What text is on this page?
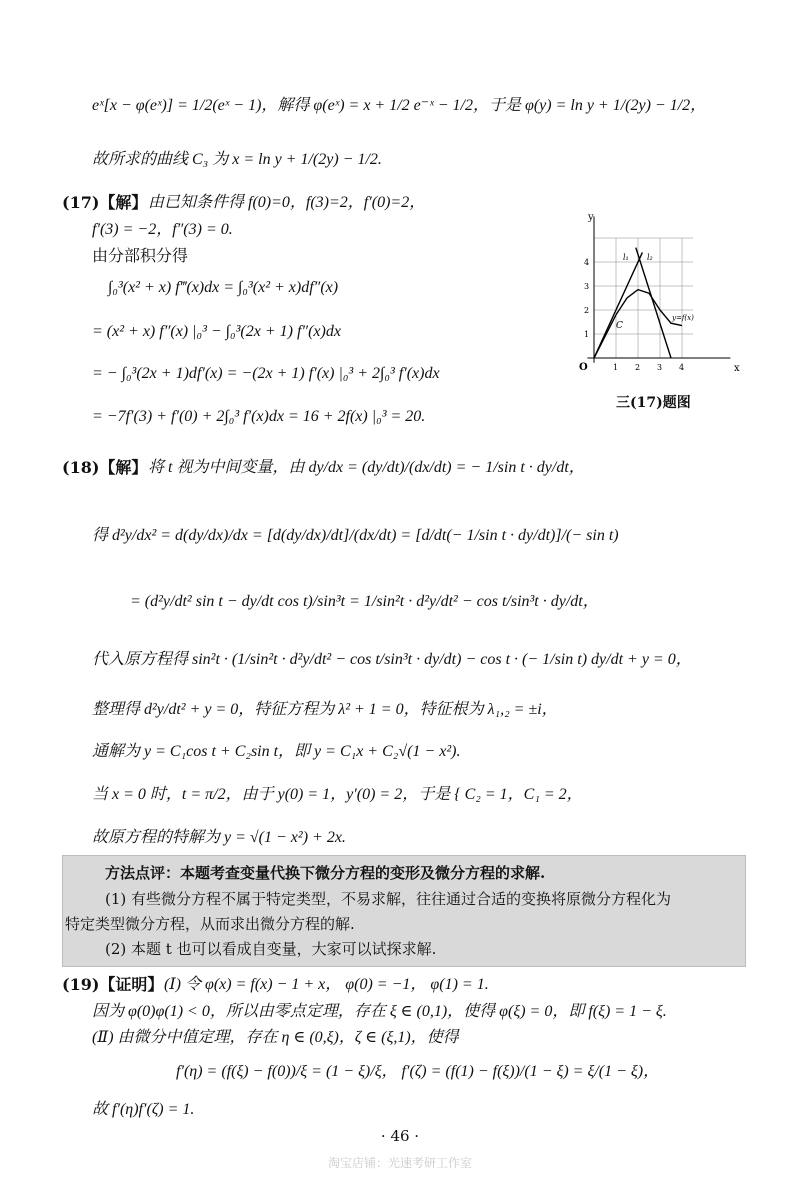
eˣ[x − φ(eˣ)] = 1/2(eˣ − 1)，解得 φ(eˣ) = x + 1/2 e⁻ˣ − 1/2，于是 φ(y) = ln y + 1/(2y) − 1/2，
故所求的曲线 C₃ 为 x = ln y + 1/(2y) − 1/2.
(17)【解】 由已知条件得 f(0)=0，f(3)=2，f′(0)=2，
f′(3) = −2，f″(3) = 0.
由分部积分得
∫₀³(x² + x) f‴(x)dx = ∫₀³(x² + x)df″(x)
= (x² + x) f″(x) |₀³ − ∫₀³(2x + 1) f″(x)dx
= − ∫₀³(2x + 1)df′(x) = −(2x + 1) f′(x) |₀³ + 2∫₀³ f′(x)dx
= −7f′(3) + f′(0) + 2∫₀³ f′(x)dx = 16 + 2f(x) |₀³ = 20.
1 2 3 4
1
2
3
4
y
x
O
C
y=f(x)
l₁ l₂
三(17)题图
(18)【解】 将 t 视为中间变量，由 dy/dx = (dy/dt)/(dx/dt) = − 1/sin t · dy/dt，
得 d²y/dx² = d(dy/dx)/dx = [d(dy/dx)/dt]/(dx/dt) = [d/dt(− 1/sin t · dy/dt)]/(− sin t)
= (d²y/dt² sin t − dy/dt cos t)/sin³t = 1/sin²t · d²y/dt² − cos t/sin³t · dy/dt，
代入原方程得 sin²t · (1/sin²t · d²y/dt² − cos t/sin³t · dy/dt) − cos t · (− 1/sin t) dy/dt + y = 0，
整理得 d²y/dt² + y = 0，特征方程为 λ² + 1 = 0，特征根为 λ₁,₂ = ±i，
通解为 y = C₁cos t + C₂sin t，即 y = C₁x + C₂√(1 − x²).
当 x = 0 时，t = π/2，由于 y(0) = 1，y′(0) = 2，于是 { C₂ = 1，C₁ = 2，
故原方程的特解为 y = √(1 − x²) + 2x.
方法点评：本题考查变量代换下微分方程的变形及微分方程的求解.
(1) 有些微分方程不属于特定类型，不易求解，往往通过合适的变换将原微分方程化为
特定类型微分方程，从而求出微分方程的解.
(2) 本题 t 也可以看成自变量，大家可以试探求解.
(19)【证明】 (Ⅰ) 令 φ(x) = f(x) − 1 + x， φ(0) = −1， φ(1) = 1.
因为 φ(0)φ(1) < 0，所以由零点定理，存在 ξ ∈ (0,1)，使得 φ(ξ) = 0，即 f(ξ) = 1 − ξ.
(Ⅱ) 由微分中值定理，存在 η ∈ (0,ξ)，ζ ∈ (ξ,1)，使得
f′(η) = (f(ξ) − f(0))/ξ = (1 − ξ)/ξ， f′(ζ) = (f(1) − f(ξ))/(1 − ξ) = ξ/(1 − ξ)，
故 f′(η)f′(ζ) = 1.
· 46 ·
淘宝店铺：光速考研工作室
